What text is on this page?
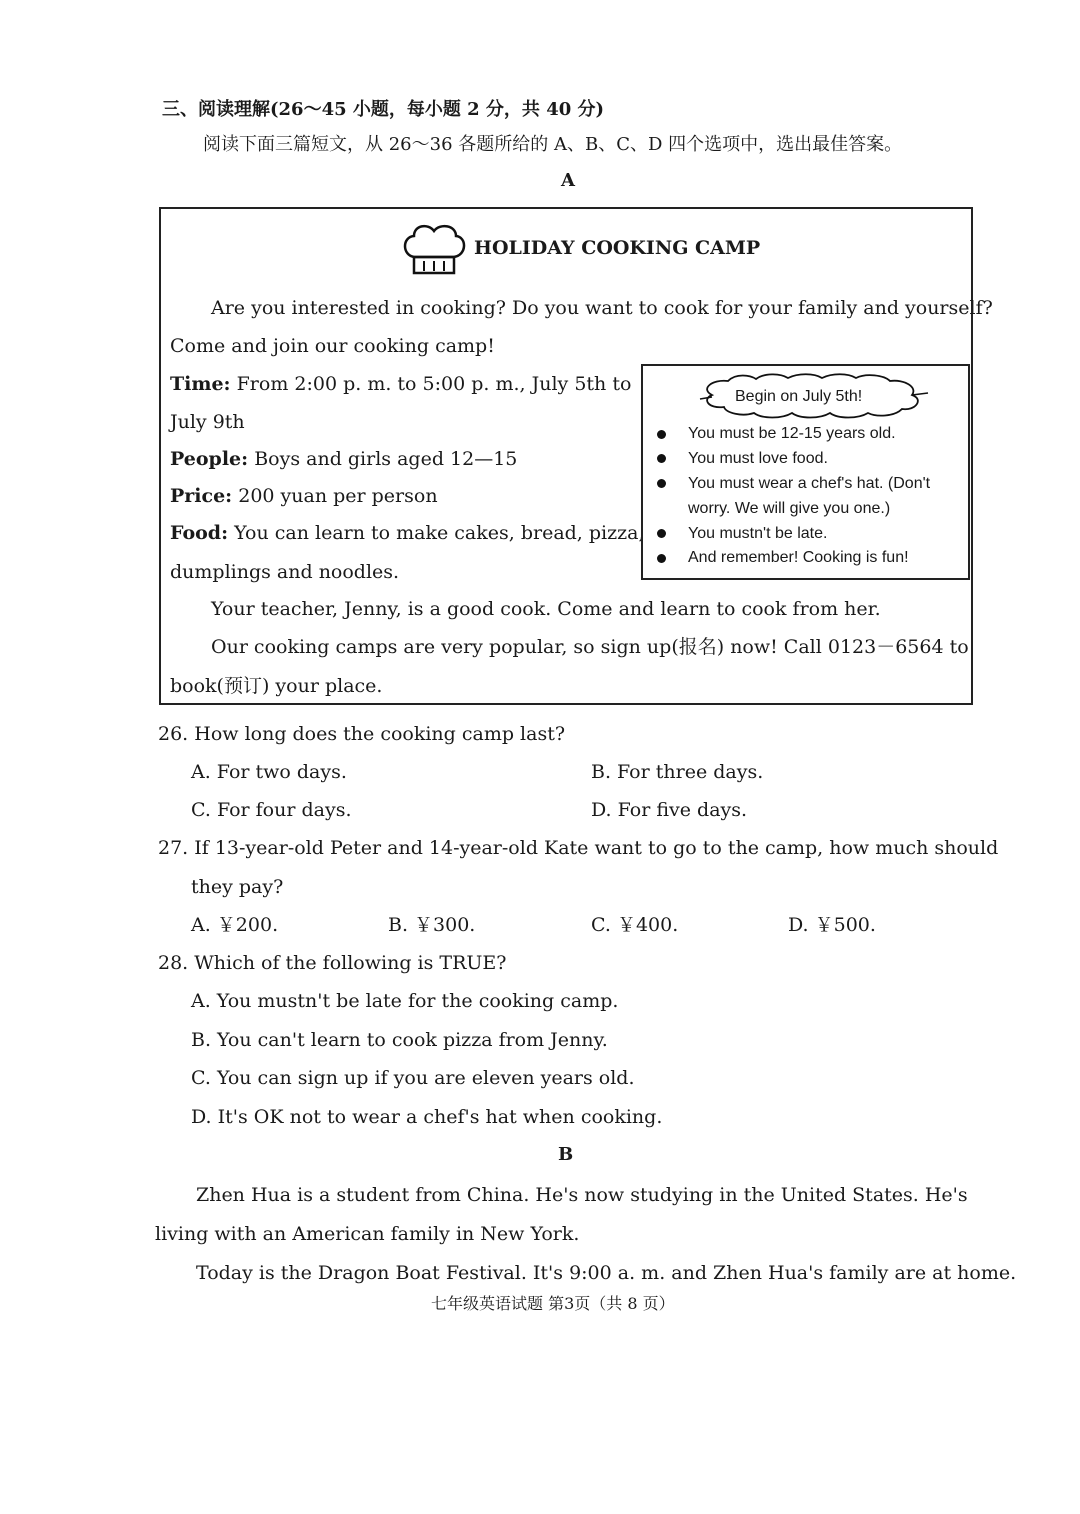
三、阅读理解(26～45 小题，每小题 2 分，共 40 分)
阅读下面三篇短文，从 26～36 各题所给的 A、B、C、D 四个选项中，选出最佳答案。
A
HOLIDAY COOKING CAMP
Are you interested in cooking? Do you want to cook for your family and yourself?
Come and join our cooking camp!
Time: From 2:00 p. m. to 5:00 p. m., July 5th to
July 9th
People: Boys and girls aged 12—15
Price: 200 yuan per person
Food: You can learn to make cakes, bread, pizza,
dumplings and noodles.
Begin on July 5th!
You must be 12-15 years old.
You must love food.
You must wear a chef's hat. (Don't
worry. We will give you one.)
You mustn't be late.
And remember! Cooking is fun!
Your teacher, Jenny, is a good cook. Come and learn to cook from her.
Our cooking camps are very popular, so sign up(报名) now! Call 0123－6564 to
book(预订) your place.
26. How long does the cooking camp last?
A. For two days.	B. For three days.
C. For four days.	D. For five days.
27. If 13-year-old Peter and 14-year-old Kate want to go to the camp, how much should
they pay?
A. ￥200.	B. ￥300.	C. ￥400.	D. ￥500.
28. Which of the following is TRUE?
A. You mustn't be late for the cooking camp.
B. You can't learn to cook pizza from Jenny.
C. You can sign up if you are eleven years old.
D. It's OK not to wear a chef's hat when cooking.
B
Zhen Hua is a student from China. He's now studying in the United States. He's
living with an American family in New York.
Today is the Dragon Boat Festival. It's 9:00 a. m. and Zhen Hua's family are at home.
七年级英语试题 第3页（共 8 页）
